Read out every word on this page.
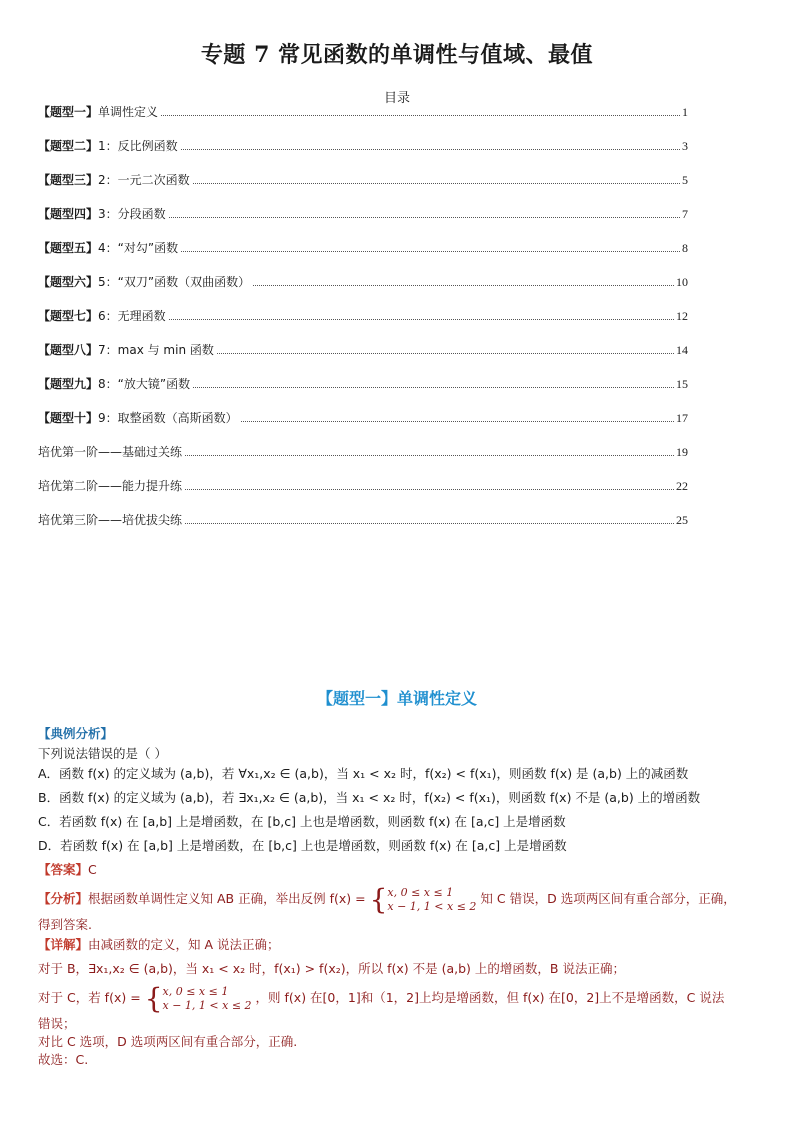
专题 7 常见函数的单调性与值域、最值
目录
【题型一】单调性定义	1
【题型二】1：反比例函数	3
【题型三】2：一元二次函数	5
【题型四】3：分段函数	7
【题型五】4：“对勾”函数	8
【题型六】5：“双刀”函数（双曲函数）	10
【题型七】6：无理函数	12
【题型八】7：max 与 min 函数	14
【题型九】8：“放大镜”函数	15
【题型十】9：取整函数（高斯函数）	17
培优第一阶——基础过关练	19
培优第二阶——能力提升练	22
培优第三阶——培优拔尖练	25
【题型一】单调性定义
【典例分析】
下列说法错误的是（ ）
A．函数 f(x) 的定义域为 (a,b)，若 ∀x₁,x₂ ∈ (a,b)，当 x₁ < x₂ 时，f(x₂) < f(x₁)，则函数 f(x) 是 (a,b) 上的减函数
B．函数 f(x) 的定义域为 (a,b)，若 ∃x₁,x₂ ∈ (a,b)，当 x₁ < x₂ 时，f(x₂) < f(x₁)，则函数 f(x) 不是 (a,b) 上的增函数
C．若函数 f(x) 在 [a,b] 上是增函数，在 [b,c] 上也是增函数，则函数 f(x) 在 [a,c] 上是增函数
D．若函数 f(x) 在 [a,b] 上是增函数，在 [b,c] 上也是增函数，则函数 f(x) 在 [a,c] 上是增函数
【答案】C
【分析】根据函数单调性定义知 AB 正确，举出反例 f(x) = { x, 0 ≤ x ≤ 1
x − 1, 1 < x ≤ 2
知 C 错误，D 选项两区间有重合部分，正确，
得到答案.
【详解】由减函数的定义，知 A 说法正确；
对于 B，∃x₁,x₂ ∈ (a,b)，当 x₁ < x₂ 时，f(x₁) > f(x₂)，所以 f(x) 不是 (a,b) 上的增函数，B 说法正确；
对于 C，若 f(x) = { x, 0 ≤ x ≤ 1
x − 1, 1 < x ≤ 2
，则 f(x) 在[0，1]和（1，2]上均是增函数，但 f(x) 在[0，2]上不是增函数，C 说法
错误；
对比 C 选项，D 选项两区间有重合部分，正确.
故选：C.
